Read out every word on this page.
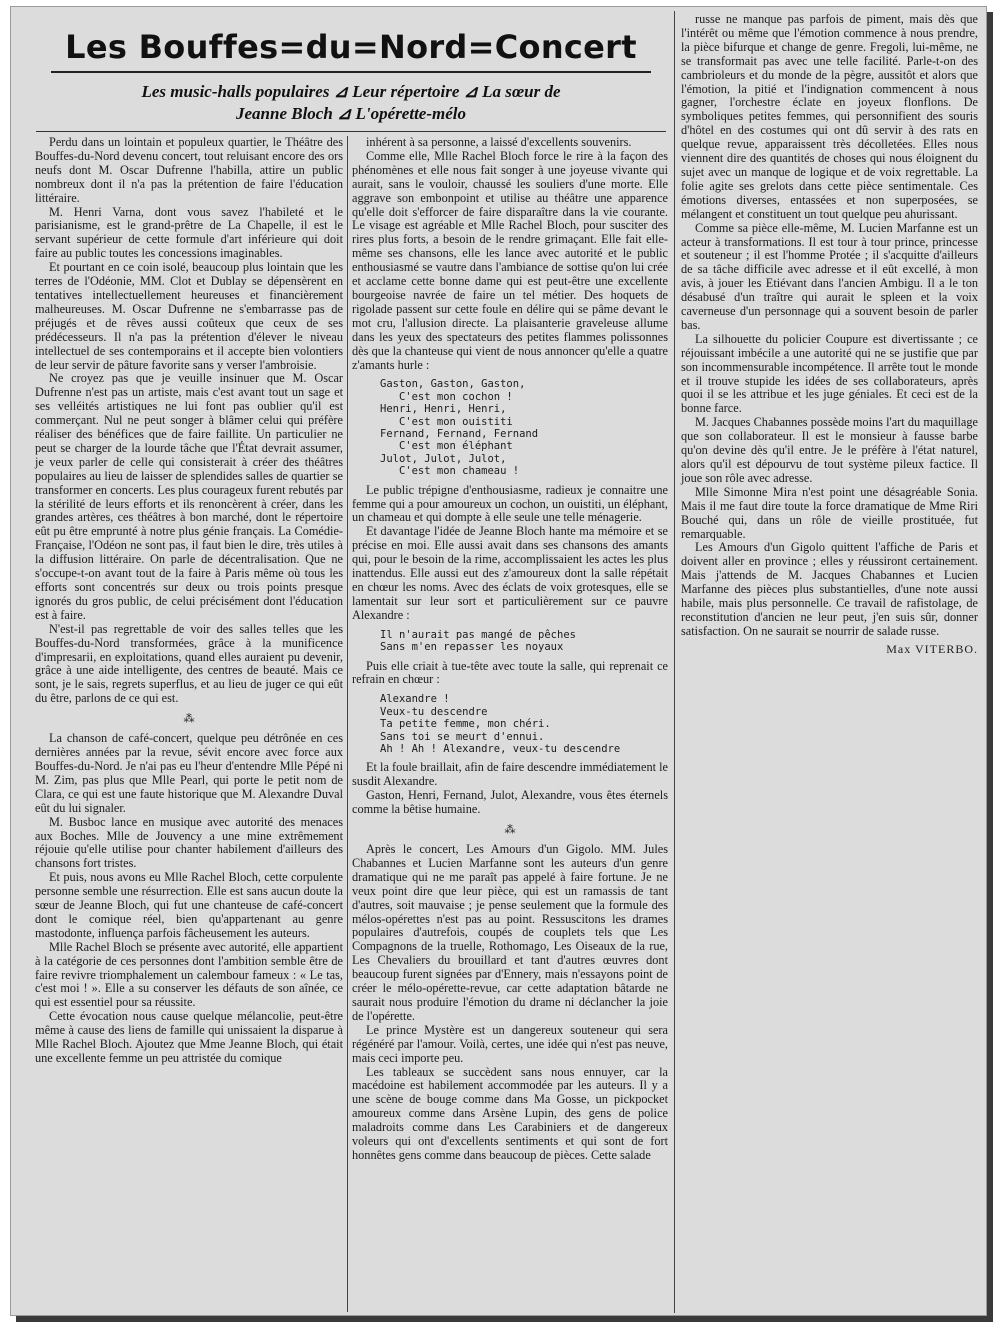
Les Bouffes=du=Nord=Concert
Les music-halls populaires ⊿ Leur répertoire ⊿ La sœur de
Jeanne Bloch ⊿ L'opérette-mélo

Perdu dans un lointain et populeux quartier, le Théâtre des Bouffes-du-Nord devenu concert, tout reluisant encore des ors neufs dont M. Oscar Dufrenne l'habilla, attire un public nombreux dont il n'a pas la prétention de faire l'éducation littéraire.

M. Henri Varna, dont vous savez l'habileté et le parisianisme, est le grand-prêtre de La Chapelle, il est le servant supérieur de cette formule d'art inférieure qui doit faire au public toutes les concessions imaginables.

Et pourtant en ce coin isolé, beaucoup plus lointain que les terres de l'Odéonie, MM. Clot et Dublay se dépensèrent en tentatives intellectuellement heureuses et financièrement malheureuses. M. Oscar Dufrenne ne s'embarrasse pas de préjugés et de rêves aussi coûteux que ceux de ses prédécesseurs. Il n'a pas la prétention d'élever le niveau intellectuel de ses contemporains et il accepte bien volontiers de leur servir de pâture favorite sans y verser l'ambroisie.

Ne croyez pas que je veuille insinuer que M. Oscar Dufrenne n'est pas un artiste, mais c'est avant tout un sage et ses velléités artistiques ne lui font pas oublier qu'il est commerçant. Nul ne peut songer à blâmer celui qui préfère réaliser des bénéfices que de faire faillite. Un particulier ne peut se charger de la lourde tâche que l'État devrait assumer, je veux parler de celle qui consisterait à créer des théâtres populaires au lieu de laisser de splendides salles de quartier se transformer en concerts. Les plus courageux furent rebutés par la stérilité de leurs efforts et ils renoncèrent à créer, dans les grandes artères, ces théâtres à bon marché, dont le répertoire eût pu être emprunté à notre plus génie français. La Comédie-Française, l'Odéon ne sont pas, il faut bien le dire, très utiles à la diffusion littéraire. On parle de décentralisation. Que ne s'occupe-t-on avant tout de la faire à Paris même où tous les efforts sont concentrés sur deux ou trois points presque ignorés du gros public, de celui précisément dont l'éducation est à faire.

N'est-il pas regrettable de voir des salles telles que les Bouffes-du-Nord transformées, grâce à la munificence d'impresarii, en exploitations, quand elles auraient pu devenir, grâce à une aide intelligente, des centres de beauté. Mais ce sont, je le sais, regrets superflus, et au lieu de juger ce qui eût du être, parlons de ce qui est.

⁂

La chanson de café-concert, quelque peu détrônée en ces dernières années par la revue, sévit encore avec force aux Bouffes-du-Nord. Je n'ai pas eu l'heur d'entendre Mlle Pépé ni M. Zim, pas plus que Mlle Pearl, qui porte le petit nom de Clara, ce qui est une faute historique que M. Alexandre Duval eût du lui signaler.

M. Busboc lance en musique avec autorité des menaces aux Boches. Mlle de Jouvency a une mine extrêmement réjouie qu'elle utilise pour chanter habilement d'ailleurs des chansons fort tristes.

Et puis, nous avons eu Mlle Rachel Bloch, cette corpulente personne semble une résurrection. Elle est sans aucun doute la sœur de Jeanne Bloch, qui fut une chanteuse de café-concert dont le comique réel, bien qu'appartenant au genre mastodonte, influença parfois fâcheusement les auteurs.

Mlle Rachel Bloch se présente avec autorité, elle appartient à la catégorie de ces personnes dont l'ambition semble être de faire revivre triomphalement un calembour fameux : « Le tas, c'est moi ! ». Elle a su conserver les défauts de son aînée, ce qui est essentiel pour sa réussite.

Cette évocation nous cause quelque mélancolie, peut-être même à cause des liens de famille qui unissaient la disparue à Mlle Rachel Bloch. Ajoutez que Mme Jeanne Bloch, qui était une excellente femme un peu attristée du comique

inhérent à sa personne, a laissé d'excellents souvenirs.

Comme elle, Mlle Rachel Bloch force le rire à la façon des phénomènes et elle nous fait songer à une joyeuse vivante qui aurait, sans le vouloir, chaussé les souliers d'une morte. Elle aggrave son embonpoint et utilise au théâtre une apparence qu'elle doit s'efforcer de faire disparaître dans la vie courante. Le visage est agréable et Mlle Rachel Bloch, pour susciter des rires plus forts, a besoin de le rendre grimaçant. Elle fait elle-même ses chansons, elle les lance avec autorité et le public enthousiasmé se vautre dans l'ambiance de sottise qu'on lui crée et acclame cette bonne dame qui est peut-être une excellente bourgeoise navrée de faire un tel métier. Des hoquets de rigolade passent sur cette foule en délire qui se pâme devant le mot cru, l'allusion directe. La plaisanterie graveleuse allume dans les yeux des spectateurs des petites flammes polissonnes dès que la chanteuse qui vient de nous annoncer qu'elle a quatre z'amants hurle :

Gaston, Gaston, Gaston,
C'est mon cochon !
Henri, Henri, Henri,
C'est mon ouistiti
Fernand, Fernand, Fernand
C'est mon éléphant
Julot, Julot, Julot,
C'est mon chameau !

Le public trépigne d'enthousiasme, radieux je connaitre une femme qui a pour amoureux un cochon, un ouistiti, un éléphant, un chameau et qui dompte à elle seule une telle ménagerie.

Et davantage l'idée de Jeanne Bloch hante ma mémoire et se précise en moi. Elle aussi avait dans ses chansons des amants qui, pour le besoin de la rime, accomplissaient les actes les plus inattendus. Elle aussi eut des z'amoureux dont la salle répétait en chœur les noms. Avec des éclats de voix grotesques, elle se lamentait sur leur sort et particulièrement sur ce pauvre Alexandre :

Il n'aurait pas mangé de pêches
Sans m'en repasser les noyaux

Puis elle criait à tue-tête avec toute la salle, qui reprenait ce refrain en chœur :

Alexandre !
Veux-tu descendre
Ta petite femme, mon chéri.
Sans toi se meurt d'ennui.
Ah ! Ah ! Alexandre, veux-tu descendre

Et la foule braillait, afin de faire descendre immédiatement le susdit Alexandre.

Gaston, Henri, Fernand, Julot, Alexandre, vous êtes éternels comme la bêtise humaine.

⁂

Après le concert, Les Amours d'un Gigolo. MM. Jules Chabannes et Lucien Marfanne sont les auteurs d'un genre dramatique qui ne me paraît pas appelé à faire fortune. Je ne veux point dire que leur pièce, qui est un ramassis de tant d'autres, soit mauvaise ; je pense seulement que la formule des mélos-opérettes n'est pas au point. Ressuscitons les drames populaires d'autrefois, coupés de couplets tels que Les Compagnons de la truelle, Rothomago, Les Oiseaux de la rue, Les Chevaliers du brouillard et tant d'autres œuvres dont beaucoup furent signées par d'Ennery, mais n'essayons point de créer le mélo-opérette-revue, car cette adaptation bâtarde ne saurait nous produire l'émotion du drame ni déclancher la joie de l'opérette.

Le prince Mystère est un dangereux souteneur qui sera régénéré par l'amour. Voilà, certes, une idée qui n'est pas neuve, mais ceci importe peu.

Les tableaux se succèdent sans nous ennuyer, car la macédoine est habilement accommodée par les auteurs. Il y a une scène de bouge comme dans Ma Gosse, un pickpocket amoureux comme dans Arsène Lupin, des gens de police maladroits comme dans Les Carabiniers et de dangereux voleurs qui ont d'excellents sentiments et qui sont de fort honnêtes gens comme dans beaucoup de pièces. Cette salade

russe ne manque pas parfois de piment, mais dès que l'intérêt ou même que l'émotion commence à nous prendre, la pièce bifurque et change de genre. Fregoli, lui-même, ne se transformait pas avec une telle facilité. Parle-t-on des cambrioleurs et du monde de la pègre, aussitôt et alors que l'émotion, la pitié et l'indignation commencent à nous gagner, l'orchestre éclate en joyeux flonflons. De symboliques petites femmes, qui personnifient des souris d'hôtel en des costumes qui ont dû servir à des rats en quelque revue, apparaissent très décolletées. Elles nous viennent dire des quantités de choses qui nous éloignent du sujet avec un manque de logique et de voix regrettable. La folie agite ses grelots dans cette pièce sentimentale. Ces émotions diverses, entassées et non superposées, se mélangent et constituent un tout quelque peu ahurissant.

Comme sa pièce elle-même, M. Lucien Marfanne est un acteur à transformations. Il est tour à tour prince, princesse et souteneur ; il est l'homme Protée ; il s'acquitte d'ailleurs de sa tâche difficile avec adresse et il eût excellé, à mon avis, à jouer les Etiévant dans l'ancien Ambigu. Il a le ton désabusé d'un traître qui aurait le spleen et la voix caverneuse d'un personnage qui a souvent besoin de parler bas.

La silhouette du policier Coupure est divertissante ; ce réjouissant imbécile a une autorité qui ne se justifie que par son incommensurable incompétence. Il arrête tout le monde et il trouve stupide les idées de ses collaborateurs, après quoi il se les attribue et les juge géniales. Et ceci est de la bonne farce.

M. Jacques Chabannes possède moins l'art du maquillage que son collaborateur. Il est le monsieur à fausse barbe qu'on devine dès qu'il entre. Je le préfère à l'état naturel, alors qu'il est dépourvu de tout système pileux factice. Il joue son rôle avec adresse.

Mlle Simonne Mira n'est point une désagréable Sonia. Mais il me faut dire toute la force dramatique de Mme Riri Bouché qui, dans un rôle de vieille prostituée, fut remarquable.

Les Amours d'un Gigolo quittent l'affiche de Paris et doivent aller en province ; elles y réussiront certainement. Mais j'attends de M. Jacques Chabannes et Lucien Marfanne des pièces plus substantielles, d'une note aussi habile, mais plus personnelle. Ce travail de rafistolage, de reconstitution d'ancien ne leur peut, j'en suis sûr, donner satisfaction. On ne saurait se nourrir de salade russe.

Max VITERBO.
